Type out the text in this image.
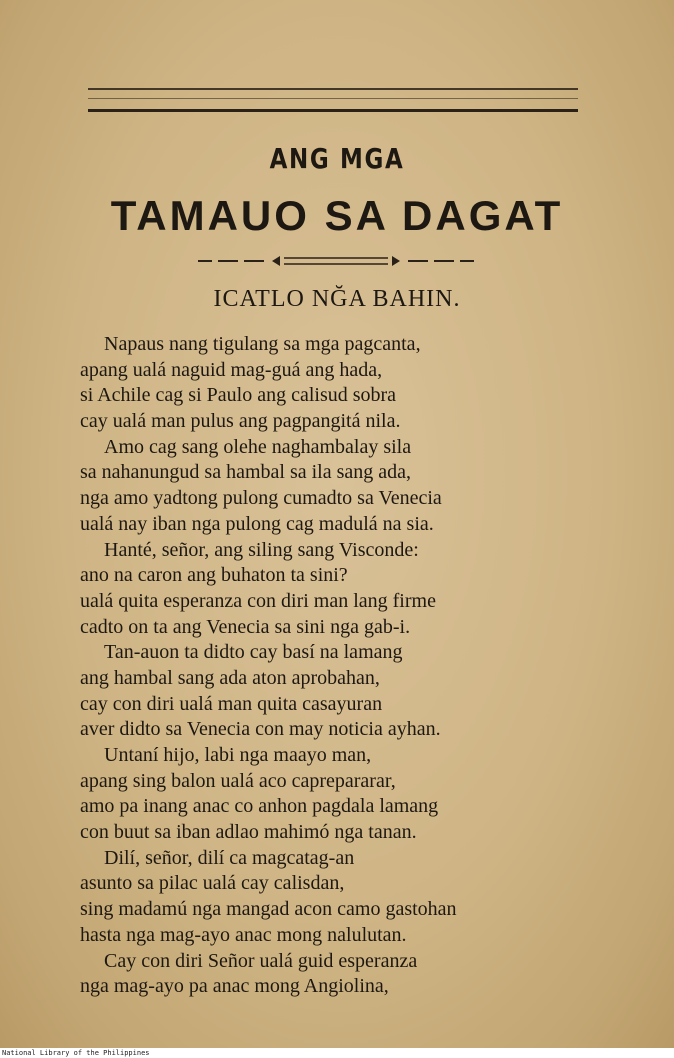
ANG MGA
TAMAUO SA DAGAT
ICATLO NĞA BAHIN.
Napaus nang tigulang sa mga pagcanta,
apang ualá naguid mag-guá ang hada,
si Achile cag si Paulo ang calisud sobra
cay ualá man pulus ang pagpangitá nila.
Amo cag sang olehe naghambalay sila
sa nahanungud sa hambal sa ila sang ada,
nga amo yadtong pulong cumadto sa Venecia
ualá nay iban nga pulong cag madulá na sia.
Hanté, señor, ang siling sang Visconde:
ano na caron ang buhaton ta sini?
ualá quita esperanza con diri man lang firme
cadto on ta ang Venecia sa sini nga gab-i.
Tan-auon ta didto cay basí na lamang
ang hambal sang ada aton aprobahan,
cay con diri ualá man quita casayuran
aver didto sa Venecia con may noticia ayhan.
Untaní hijo, labi nga maayo man,
apang sing balon ualá aco caprepararar,
amo pa inang anac co anhon pagdala lamang
con buut sa iban adlao mahimó nga tanan.
Dilí, señor, dilí ca magcatag-an
asunto sa pilac ualá cay calisdan,
sing madamú nga mangad acon camo gastohan
hasta nga mag-ayo anac mong nalulutan.
Cay con diri Señor ualá guid esperanza
nga mag-ayo pa anac mong Angiolina,
National Library of the Philippines
